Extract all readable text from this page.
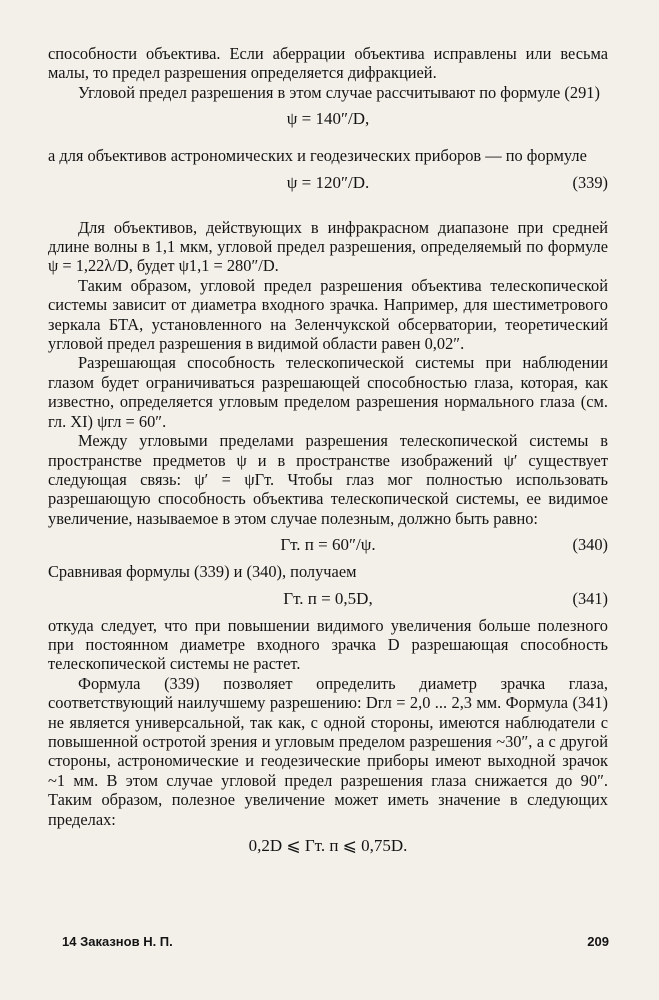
способности объектива. Если аберрации объектива исправлены или весьма малы, то предел разрешения определяется дифракцией.

Угловой предел разрешения в этом случае рассчитывают по формуле (291)

ψ = 140″/D,

а для объективов астрономических и геодезических приборов — по формуле

ψ = 120″/D.	(339)

Для объективов, действующих в инфракрасном диапазоне при средней длине волны в 1,1 мкм, угловой предел разрешения, определяемый по формуле ψ = 1,22λ/D, будет ψ1,1 = 280″/D.

Таким образом, угловой предел разрешения объектива телескопической системы зависит от диаметра входного зрачка. Например, для шестиметрового зеркала БТА, установленного на Зеленчукской обсерватории, теоретический угловой предел разрешения в видимой области равен 0,02″.

Разрешающая способность телескопической системы при наблюдении глазом будет ограничиваться разрешающей способностью глаза, которая, как известно, определяется угловым пределом разрешения нормального глаза (см. гл. XI) ψгл = 60″.

Между угловыми пределами разрешения телескопической системы в пространстве предметов ψ и в пространстве изображений ψ′ существует следующая связь: ψ′ = ψГт. Чтобы глаз мог полностью использовать разрешающую способность объектива телескопической системы, ее видимое увеличение, называемое в этом случае полезным, должно быть равно:

Гт. п = 60″/ψ.	(340)

Сравнивая формулы (339) и (340), получаем

Гт. п = 0,5D,	(341)

откуда следует, что при повышении видимого увеличения больше полезного при постоянном диаметре входного зрачка D разрешающая способность телескопической системы не растет.

Формула (339) позволяет определить диаметр зрачка глаза, соответствующий наилучшему разрешению: Dгл = 2,0 ... 2,3 мм. Формула (341) не является универсальной, так как, с одной стороны, имеются наблюдатели с повышенной остротой зрения и угловым пределом разрешения ~30″, а с другой стороны, астрономические и геодезические приборы имеют выходной зрачок ~1 мм. В этом случае угловой предел разрешения глаза снижается до 90″. Таким образом, полезное увеличение может иметь значение в следующих пределах:

0,2D ⩽ Гт. п ⩽ 0,75D.
14 Заказнов Н. П.	209
